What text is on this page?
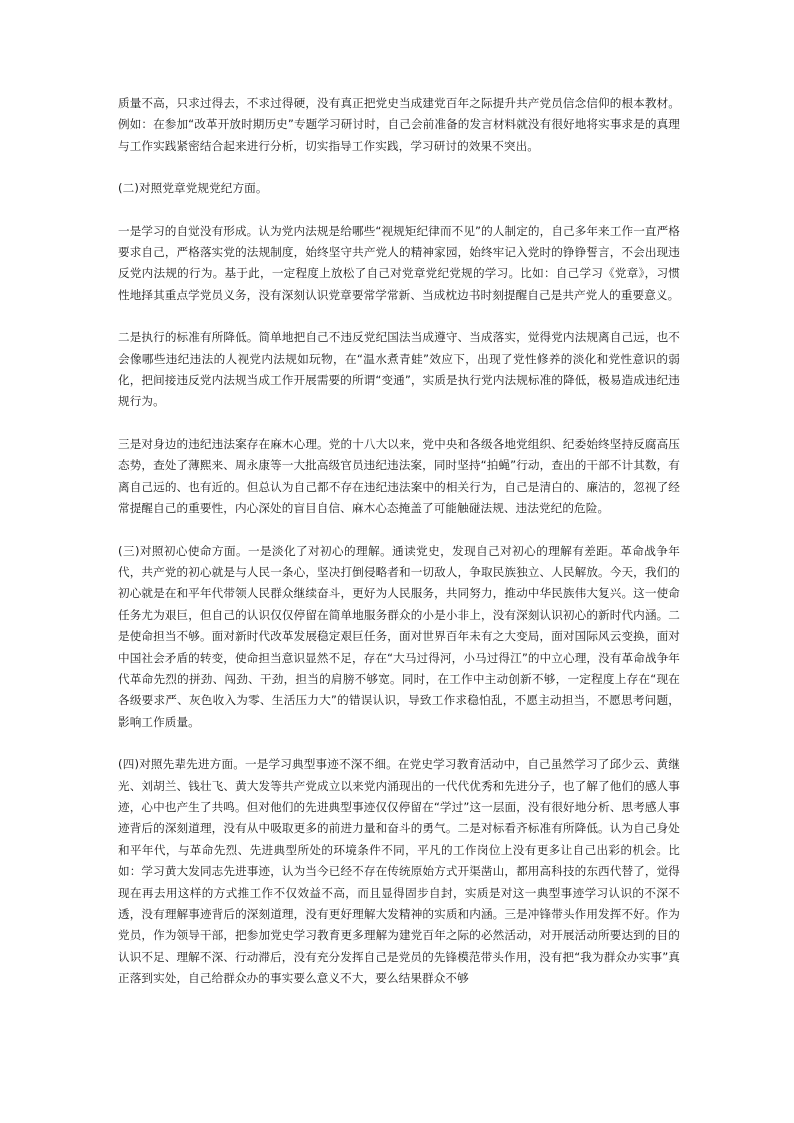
质量不高，只求过得去，不求过得硬，没有真正把党史当成建党百年之际提升共产党员信念信仰的根本教材。例如：在参加“改革开放时期历史”专题学习研讨时，自己会前准备的发言材料就没有很好地将实事求是的真理与工作实践紧密结合起来进行分析，切实指导工作实践，学习研讨的效果不突出。

(二)对照党章党规党纪方面。

一是学习的自觉没有形成。认为党内法规是给哪些“视规矩纪律而不见”的人制定的，自己多年来工作一直严格要求自己，严格落实党的法规制度，始终坚守共产党人的精神家园，始终牢记入党时的铮铮誓言，不会出现违反党内法规的行为。基于此，一定程度上放松了自己对党章党纪党规的学习。比如：自己学习《党章》，习惯性地择其重点学党员义务，没有深刻认识党章要常学常新、当成枕边书时刻提醒自己是共产党人的重要意义。

二是执行的标准有所降低。简单地把自己不违反党纪国法当成遵守、当成落实，觉得党内法规离自己远，也不会像哪些违纪违法的人视党内法规如玩物，在“温水煮青蛙”效应下，出现了党性修养的淡化和党性意识的弱化，把间接违反党内法规当成工作开展需要的所谓“变通”，实质是执行党内法规标准的降低，极易造成违纪违规行为。

三是对身边的违纪违法案存在麻木心理。党的十八大以来，党中央和各级各地党组织、纪委始终坚持反腐高压态势，查处了薄熙来、周永康等一大批高级官员违纪违法案，同时坚持“拍蝇”行动，查出的干部不计其数，有离自己远的、也有近的。但总认为自己都不存在违纪违法案中的相关行为，自己是清白的、廉洁的，忽视了经常提醒自己的重要性，内心深处的盲目自信、麻木心态掩盖了可能触碰法规、违法党纪的危险。

(三)对照初心使命方面。一是淡化了对初心的理解。通读党史，发现自己对初心的理解有差距。革命战争年代，共产党的初心就是与人民一条心，坚决打倒侵略者和一切敌人，争取民族独立、人民解放。今天，我们的初心就是在和平年代带领人民群众继续奋斗，更好为人民服务，共同努力，推动中华民族伟大复兴。这一使命任务尤为艰巨，但自己的认识仅仅停留在简单地服务群众的小是小非上，没有深刻认识初心的新时代内涵。二是使命担当不够。面对新时代改革发展稳定艰巨任务，面对世界百年未有之大变局，面对国际风云变换，面对中国社会矛盾的转变，使命担当意识显然不足，存在“大马过得河，小马过得江”的中立心理，没有革命战争年代革命先烈的拼劲、闯劲、干劲，担当的肩膀不够宽。同时，在工作中主动创新不够，一定程度上存在“现在各级要求严、灰色收入为零、生活压力大”的错误认识，导致工作求稳怕乱，不愿主动担当，不愿思考问题，影响工作质量。

(四)对照先辈先进方面。一是学习典型事迹不深不细。在党史学习教育活动中，自己虽然学习了邱少云、黄继光、刘胡兰、钱壮飞、黄大发等共产党成立以来党内涌现出的一代代优秀和先进分子，也了解了他们的感人事迹，心中也产生了共鸣。但对他们的先进典型事迹仅仅停留在“学过”这一层面，没有很好地分析、思考感人事迹背后的深刻道理，没有从中吸取更多的前进力量和奋斗的勇气。二是对标看齐标准有所降低。认为自己身处和平年代，与革命先烈、先进典型所处的环境条件不同，平凡的工作岗位上没有更多让自己出彩的机会。比如：学习黄大发同志先进事迹，认为当今已经不存在传统原始方式开渠凿山，都用高科技的东西代替了，觉得现在再去用这样的方式推工作不仅效益不高，而且显得固步自封，实质是对这一典型事迹学习认识的不深不透，没有理解事迹背后的深刻道理，没有更好理解大发精神的实质和内涵。三是冲锋带头作用发挥不好。作为党员，作为领导干部，把参加党史学习教育更多理解为建党百年之际的必然活动，对开展活动所要达到的目的认识不足、理解不深、行动滞后，没有充分发挥自己是党员的先锋模范带头作用，没有把“我为群众办实事”真正落到实处，自己给群众办的事实要么意义不大，要么结果群众不够
